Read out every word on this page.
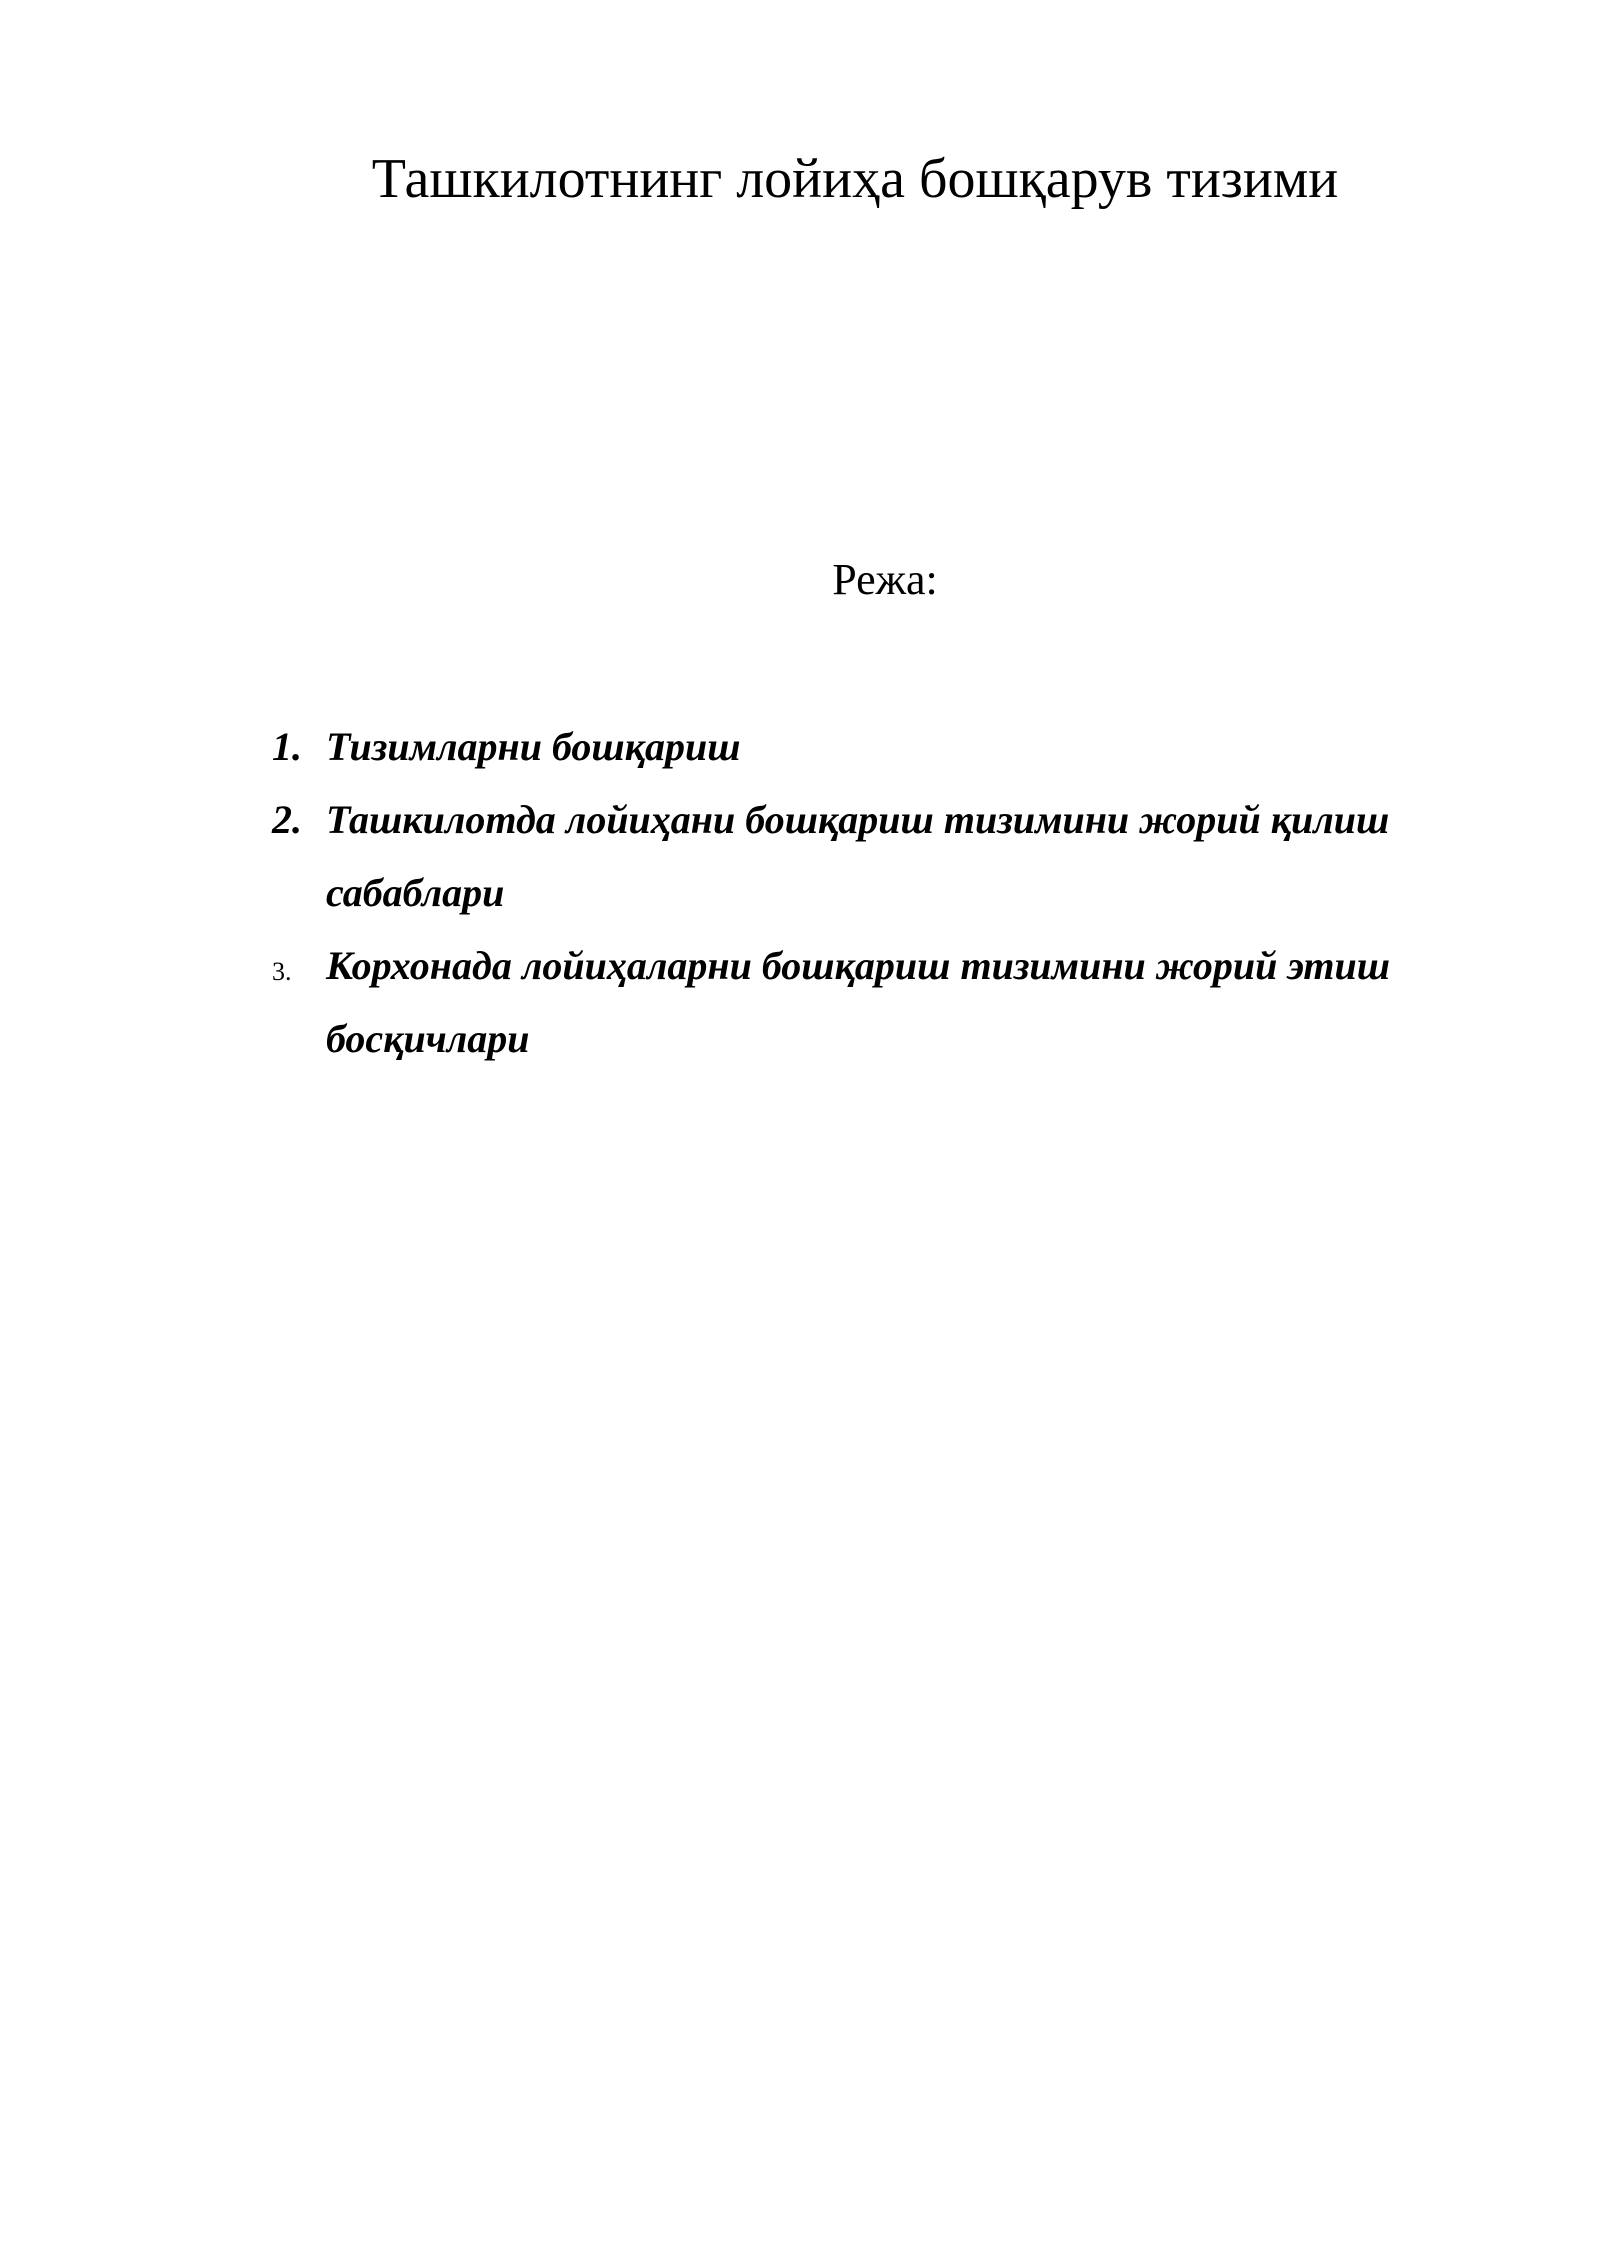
Ташкилотнинг лойиҳа бошқарув тизими
Режа:
1. Тизимларни бошқариш
2. Ташкилотда лойиҳани бошқариш тизимини жорий қилиш
сабаблари
3. Корхонада лойиҳаларни бошқариш тизимини жорий этиш
босқичлари
